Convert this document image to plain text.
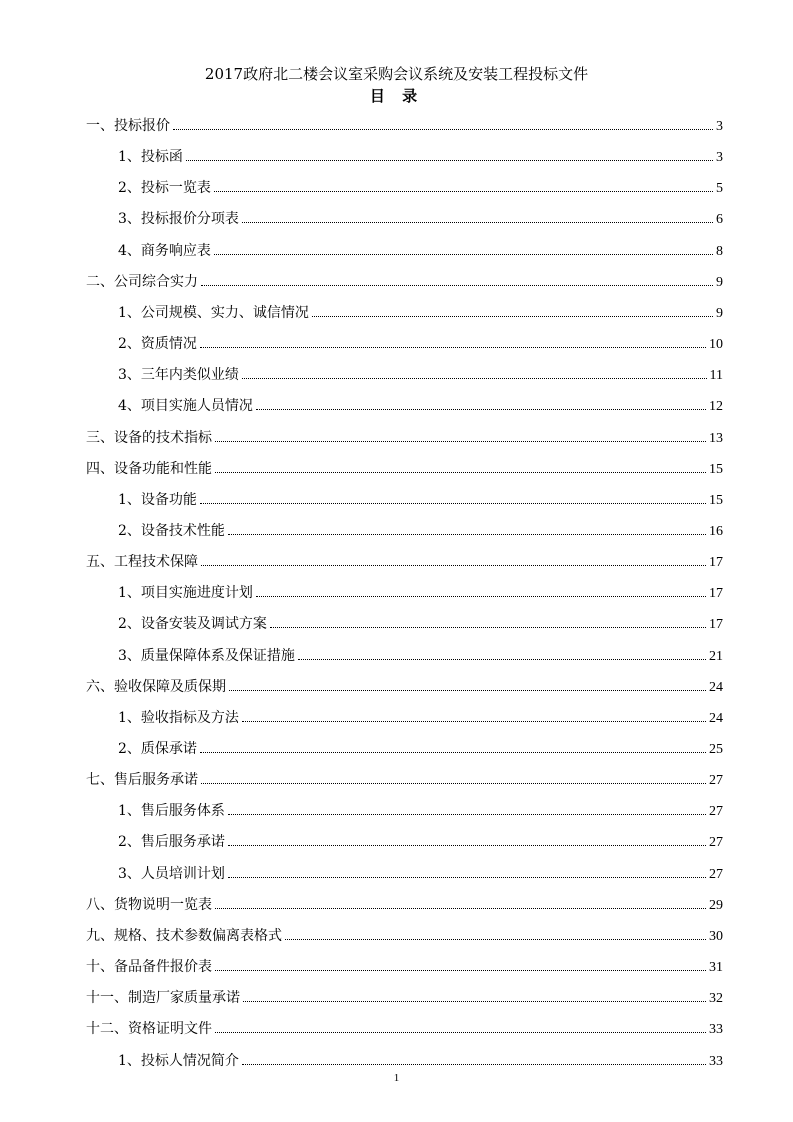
2017政府北二楼会议室采购会议系统及安装工程投标文件
目 录
一、投标报价	3
1、投标函	3
2、投标一览表	5
3、投标报价分项表	6
4、商务响应表	8
二、公司综合实力	9
1、公司规模、实力、诚信情况	9
2、资质情况	10
3、三年内类似业绩	11
4、项目实施人员情况	12
三、设备的技术指标	13
四、设备功能和性能	15
1、设备功能	15
2、设备技术性能	16
五、工程技术保障	17
1、项目实施进度计划	17
2、设备安装及调试方案	17
3、质量保障体系及保证措施	21
六、验收保障及质保期	24
1、验收指标及方法	24
2、质保承诺	25
七、售后服务承诺	27
1、售后服务体系	27
2、售后服务承诺	27
3、人员培训计划	27
八、货物说明一览表	29
九、规格、技术参数偏离表格式	30
十、备品备件报价表	31
十一、制造厂家质量承诺	32
十二、资格证明文件	33
1、投标人情况简介	33
1
